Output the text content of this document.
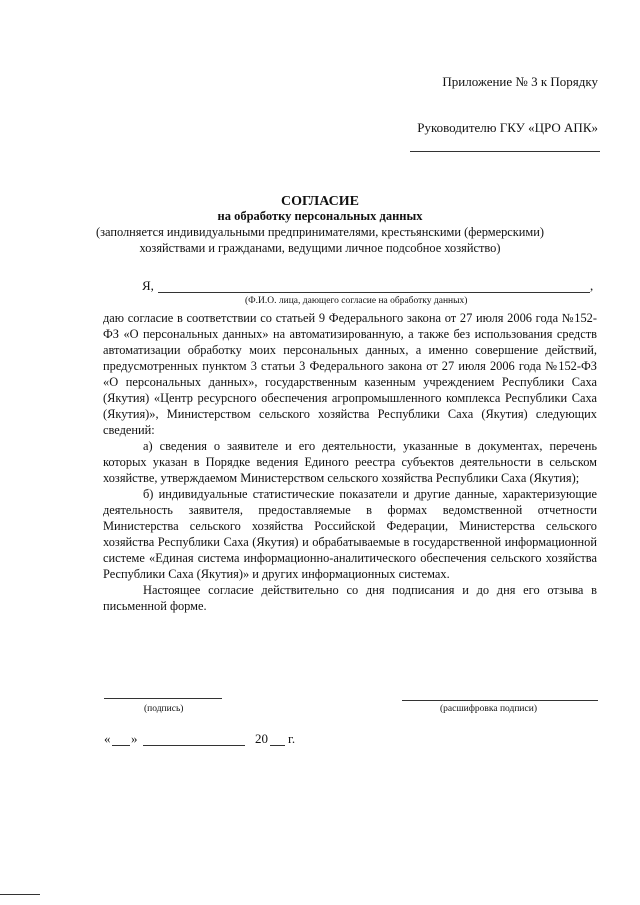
Приложение № 3 к Порядку
Руководителю ГКУ «ЦРО АПК»
СОГЛАСИЕ
на обработку персональных данных
(заполняется индивидуальными предпринимателями, крестьянскими (фермерскими)
хозяйствами и гражданами, ведущими личное подсобное хозяйство)
Я,	,
(Ф.И.О. лица, дающего согласие на обработку данных)

даю согласие в соответствии со статьей 9 Федерального закона от 27 июля 2006 года №152-ФЗ «О персональных данных» на автоматизированную, а также без использования средств автоматизации обработку моих персональных данных, а именно совершение действий, предусмотренных пунктом 3 статьи 3 Федерального закона от 27 июля 2006 года №152-ФЗ «О персональных данных», государственным казенным учреждением Республики Саха (Якутия) «Центр ресурсного обеспечения агропромышленного комплекса Республики Саха (Якутия)», Министерством сельского хозяйства Республики Саха (Якутия) следующих сведений:

а) сведения о заявителе и его деятельности, указанные в документах, перечень которых указан в Порядке ведения Единого реестра субъектов деятельности в сельском хозяйстве, утверждаемом Министерством сельского хозяйства Республики Саха (Якутия);

б) индивидуальные статистические показатели и другие данные, характеризующие деятельность заявителя, предоставляемые в формах ведомственной отчетности Министерства сельского хозяйства Российской Федерации, Министерства сельского хозяйства Республики Саха (Якутия) и обрабатываемые в государственной информационной системе «Единая система информационно-аналитического обеспечения сельского хозяйства Республики Саха (Якутия)» и других информационных системах.

Настоящее согласие действительно со дня подписания и до дня его отзыва в письменной форме.

(подпись)	(расшифровка подписи)
« »	20 г.
